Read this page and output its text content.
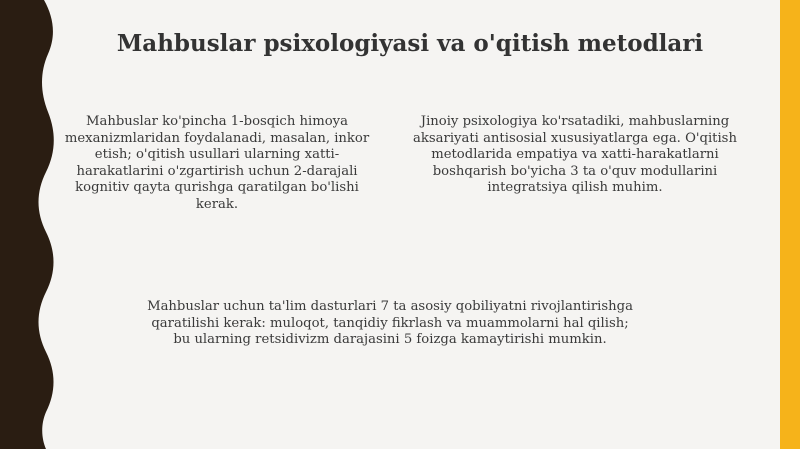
Mahbuslar psixologiyasi va o'qitish metodlari

Mahbuslar ko'pincha 1-bosqich himoya mexanizmlaridan foydalanadi, masalan, inkor etish; o'qitish usullari ularning xatti-harakatlarini o'zgartirish uchun 2-darajali kognitiv qayta qurishga qaratilgan bo'lishi kerak.

Jinoiy psixologiya ko'rsatadiki, mahbuslarning aksariyati antisosial xususiyatlarga ega. O'qitish metodlarida empatiya va xatti-harakatlarni boshqarish bo'yicha 3 ta o'quv modullarini integratsiya qilish muhim.

Mahbuslar uchun ta'lim dasturlari 7 ta asosiy qobiliyatni rivojlantirishga qaratilishi kerak: muloqot, tanqidiy fikrlash va muammolarni hal qilish; bu ularning retsidivizm darajasini 5 foizga kamaytirishi mumkin.
